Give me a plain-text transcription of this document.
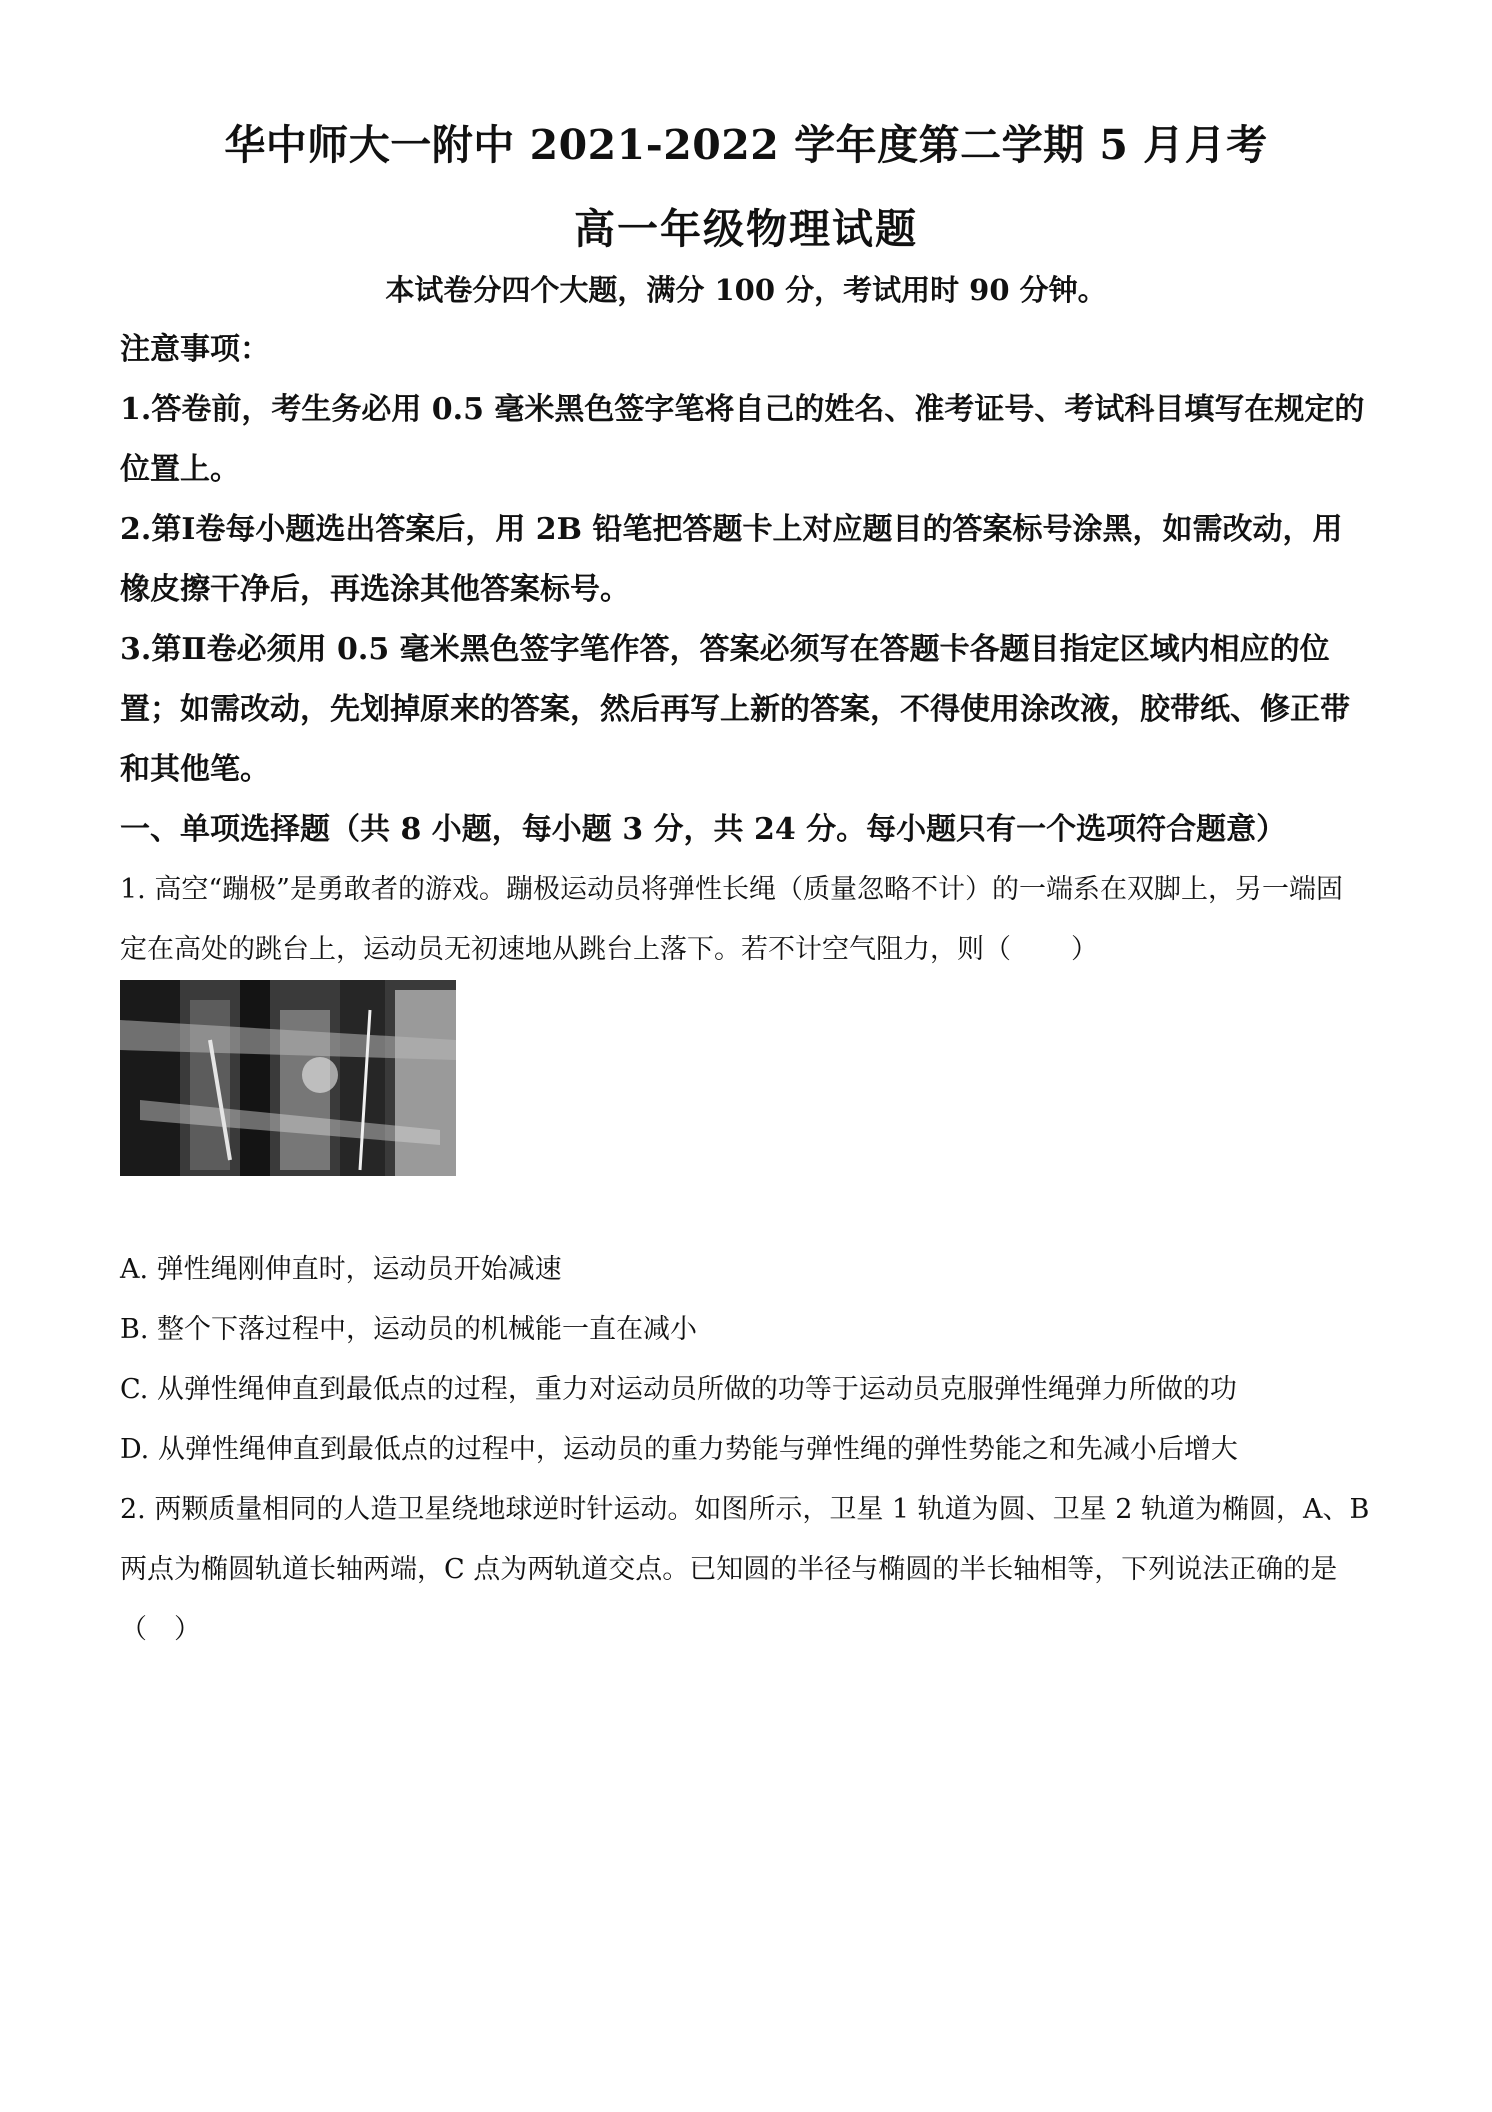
华中师大一附中 2021-2022 学年度第二学期 5 月月考
高一年级物理试题
本试卷分四个大题，满分 100 分，考试用时 90 分钟。

注意事项：

1.答卷前，考生务必用 0.5 毫米黑色签字笔将自己的姓名、准考证号、考试科目填写在规定的位置上。

2.第Ⅰ卷每小题选出答案后，用 2B 铅笔把答题卡上对应题目的答案标号涂黑，如需改动，用橡皮擦干净后，再选涂其他答案标号。

3.第Ⅱ卷必须用 0.5 毫米黑色签字笔作答，答案必须写在答题卡各题目指定区域内相应的位置；如需改动，先划掉原来的答案，然后再写上新的答案，不得使用涂改液，胶带纸、修正带和其他笔。

一、单项选择题（共 8 小题，每小题 3 分，共 24 分。每小题只有一个选项符合题意）

1. 高空“蹦极”是勇敢者的游戏。蹦极运动员将弹性长绳（质量忽略不计）的一端系在双脚上，另一端固

定在高处的跳台上，运动员无初速地从跳台上落下。若不计空气阻力，则（ ）

A. 弹性绳刚伸直时，运动员开始减速

B. 整个下落过程中，运动员的机械能一直在减小

C. 从弹性绳伸直到最低点的过程，重力对运动员所做的功等于运动员克服弹性绳弹力所做的功

D. 从弹性绳伸直到最低点的过程中，运动员的重力势能与弹性绳的弹性势能之和先减小后增大

2. 两颗质量相同的人造卫星绕地球逆时针运动。如图所示，卫星 1 轨道为圆、卫星 2 轨道为椭圆，A、B

两点为椭圆轨道长轴两端，C 点为两轨道交点。已知圆的半径与椭圆的半长轴相等，下列说法正确的是

（　）
